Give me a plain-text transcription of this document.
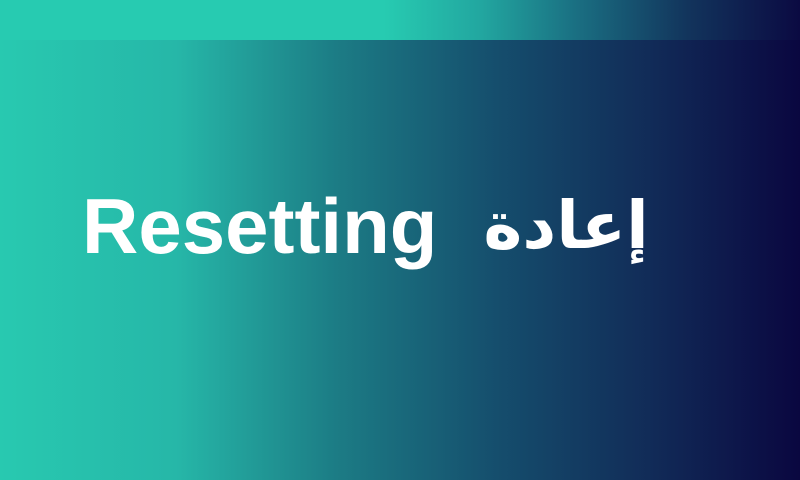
Resetting إعادة
